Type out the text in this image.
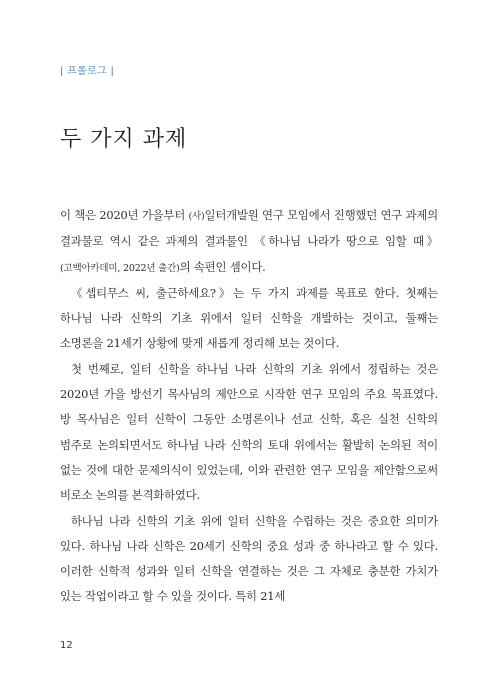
| 프롤로그 |
두 가지 과제

이 책은 2020년 가을부터 (사)일터개발원 연구 모임에서 진행했던 연구 과제의 결과물로 역시 같은 과제의 결과물인 《하나님 나라가 땅으로 임할 때》(고백아카데미, 2022년 출간)의 속편인 셈이다.

《셉티무스 씨, 출근하세요?》는 두 가지 과제를 목표로 한다. 첫째는 하나님 나라 신학의 기초 위에서 일터 신학을 개발하는 것이고, 둘째는 소명론을 21세기 상황에 맞게 새롭게 정리해 보는 것이다.

첫 번째로, 일터 신학을 하나님 나라 신학의 기초 위에서 정립하는 것은 2020년 가을 방선기 목사님의 제안으로 시작한 연구 모임의 주요 목표였다. 방 목사님은 일터 신학이 그동안 소명론이나 선교 신학, 혹은 실천 신학의 범주로 논의되면서도 하나님 나라 신학의 토대 위에서는 활발히 논의된 적이 없는 것에 대한 문제의식이 있었는데, 이와 관련한 연구 모임을 제안함으로써 비로소 논의를 본격화하였다.

하나님 나라 신학의 기초 위에 일터 신학을 수립하는 것은 중요한 의미가 있다. 하나님 나라 신학은 20세기 신학의 중요 성과 중 하나라고 할 수 있다. 이러한 신학적 성과와 일터 신학을 연결하는 것은 그 자체로 충분한 가치가 있는 작업이라고 할 수 있을 것이다. 특히 21세

12
